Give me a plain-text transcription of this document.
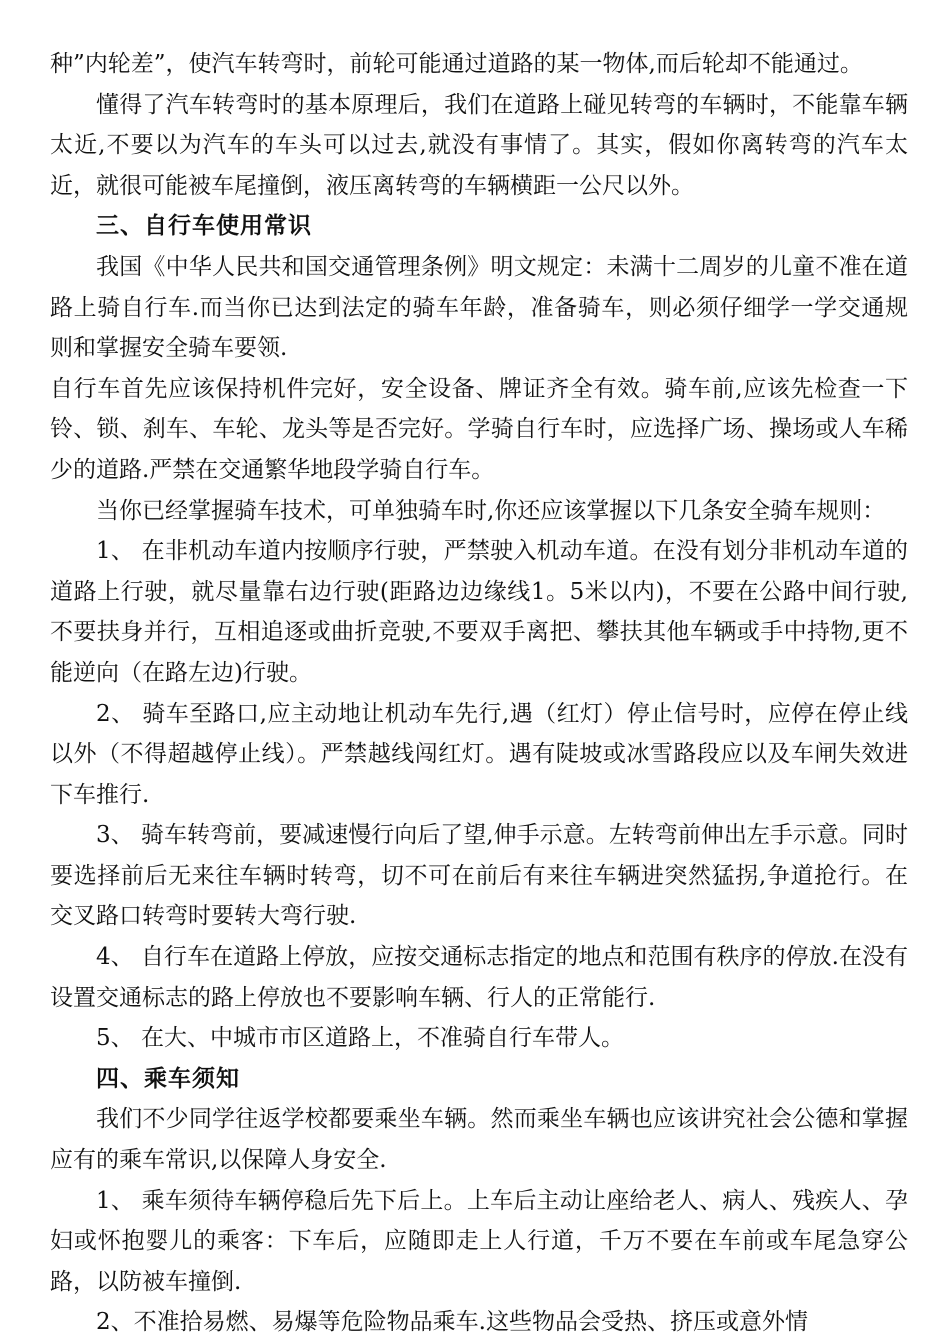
种”内轮差”，使汽车转弯时，前轮可能通过道路的某一物体,而后轮却不能通过。

懂得了汽车转弯时的基本原理后，我们在道路上碰见转弯的车辆时，不能靠车辆太近,不要以为汽车的车头可以过去,就没有事情了。其实，假如你离转弯的汽车太近，就很可能被车尾撞倒，液压离转弯的车辆横距一公尺以外。

三、自行车使用常识

我国《中华人民共和国交通管理条例》明文规定：未满十二周岁的儿童不准在道路上骑自行车.而当你已达到法定的骑车年龄，准备骑车，则必须仔细学一学交通规则和掌握安全骑车要领.

自行车首先应该保持机件完好，安全设备、牌证齐全有效。骑车前,应该先检查一下铃、锁、刹车、车轮、龙头等是否完好。学骑自行车时，应选择广场、操场或人车稀少的道路.严禁在交通繁华地段学骑自行车。

当你已经掌握骑车技术，可单独骑车时,你还应该掌握以下几条安全骑车规则：

1、 在非机动车道内按顺序行驶，严禁驶入机动车道。在没有划分非机动车道的道路上行驶，就尽量靠右边行驶(距路边边缘线1。5米以内)，不要在公路中间行驶,不要扶身并行，互相追逐或曲折竞驶,不要双手离把、攀扶其他车辆或手中持物,更不能逆向（在路左边)行驶。

2、 骑车至路口,应主动地让机动车先行,遇（红灯）停止信号时，应停在停止线以外（不得超越停止线）。严禁越线闯红灯。遇有陡坡或冰雪路段应以及车闸失效进下车推行.

3、 骑车转弯前，要减速慢行向后了望,伸手示意。左转弯前伸出左手示意。同时要选择前后无来往车辆时转弯，切不可在前后有来往车辆进突然猛拐,争道抢行。在交叉路口转弯时要转大弯行驶.

4、 自行车在道路上停放，应按交通标志指定的地点和范围有秩序的停放.在没有设置交通标志的路上停放也不要影响车辆、行人的正常能行.

5、 在大、中城市市区道路上，不准骑自行车带人。

四、乘车须知

我们不少同学往返学校都要乘坐车辆。然而乘坐车辆也应该讲究社会公德和掌握应有的乘车常识,以保障人身安全.

1、 乘车须待车辆停稳后先下后上。上车后主动让座给老人、病人、残疾人、孕妇或怀抱婴儿的乘客：下车后，应随即走上人行道，千万不要在车前或车尾急穿公路，以防被车撞倒.

2、不准拾易燃、易爆等危险物品乘车.这些物品会受热、挤压或意外情
